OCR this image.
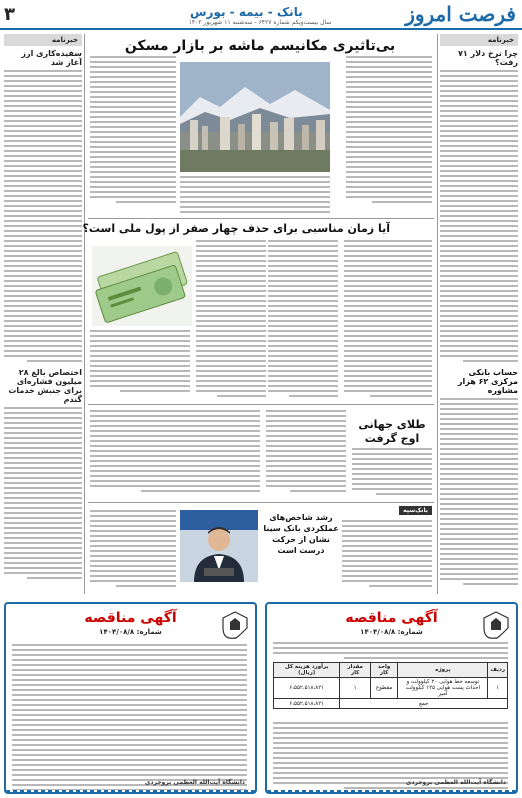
۳	بانک - بیمه - بورس
سال بیست‌ویکم شماره ۶۴۲۷ - سه‌شنبه ۱۱ شهریور ۱۴۰۲	فرصت امروز
خبرنامه
چرا نرخ دلار ۷۱ رفت؟
حساب بانکی مرکزی ۶۲ هزار مشاوره
خبرنامه
سفید‌ه‌کاری ارز آغاز شد
اختصاص بالغ ۲۸ میلیون فشاره‌ای برای جنبش خدمات گندم
بی‌تاثیری مکانیسم ماشه بر بازار مسکن
آیا زمان مناسبی برای حذف چهار صفر از پول ملی است؟
طلای جهانی اوج گرفت
بانک‌سپه
رشد شاخص‌های عملکردی بانک سینا نشان از حرکت درست است
آگهی مناقصه
شماره: ۱۴۰۴/۰۸/۸
ردیف	پروژه	واحد کار	مقدار کار	برآورد هزینه کل (ریال)
۱	توسعه خط هوایی ۲۰ کیلوولت و احداث پست هوایی ۱۲۵ کیلوولت آمپر	مقطوع	۱	۶،۵۵۲،۵۱۸،۸۲۱
جمع				۶،۵۵۲،۵۱۸،۸۲۱
دانشگاه آیت‌الله العظمی بروجردی
آگهی مناقصه
شماره: ۱۴۰۴/۰۸/۸
دانشگاه آیت‌الله العظمی بروجردی
